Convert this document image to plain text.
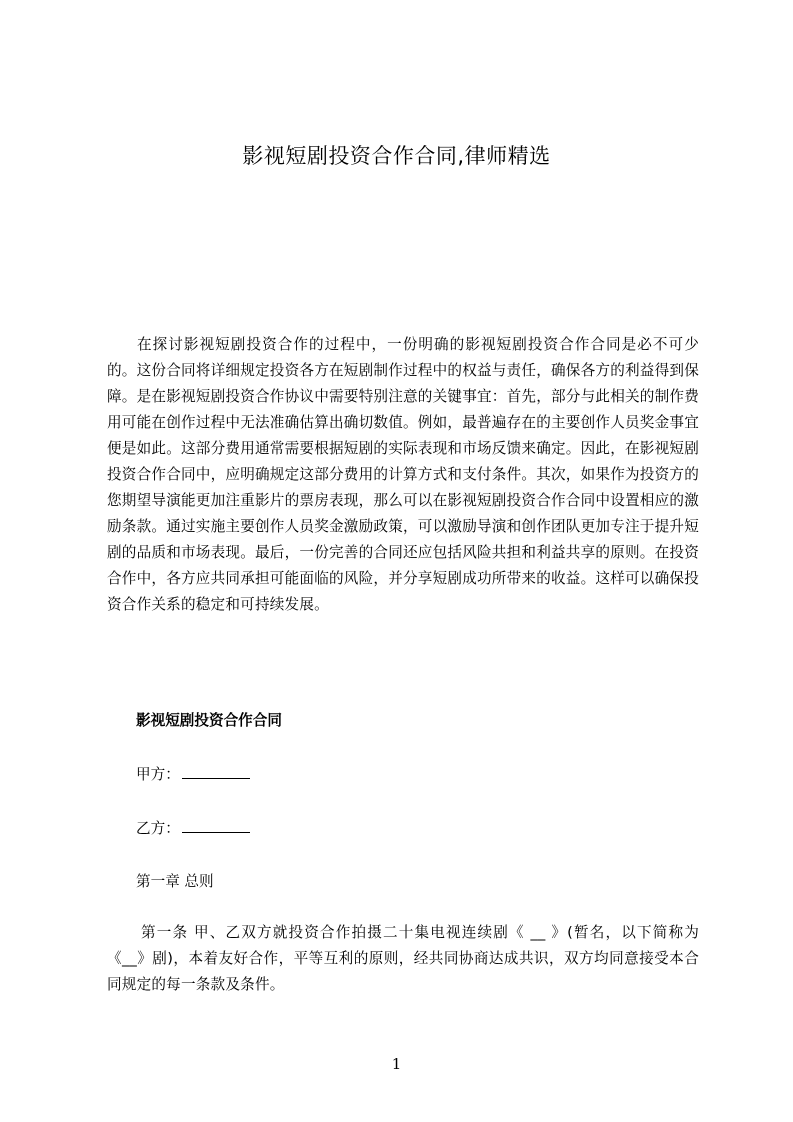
影视短剧投资合作合同,律师精选
在探讨影视短剧投资合作的过程中，一份明确的影视短剧投资合作合同是必不可少的。这份合同将详细规定投资各方在短剧制作过程中的权益与责任，确保各方的利益得到保障。是在影视短剧投资合作协议中需要特别注意的关键事宜：首先，部分与此相关的制作费用可能在创作过程中无法准确估算出确切数值。例如，最普遍存在的主要创作人员奖金事宜便是如此。这部分费用通常需要根据短剧的实际表现和市场反馈来确定。因此，在影视短剧投资合作合同中，应明确规定这部分费用的计算方式和支付条件。其次，如果作为投资方的您期望导演能更加注重影片的票房表现，那么可以在影视短剧投资合作合同中设置相应的激励条款。通过实施主要创作人员奖金激励政策，可以激励导演和创作团队更加专注于提升短剧的品质和市场表现。最后，一份完善的合同还应包括风险共担和利益共享的原则。在投资合作中，各方应共同承担可能面临的风险，并分享短剧成功所带来的收益。这样可以确保投资合作关系的稳定和可持续发展。
影视短剧投资合作合同
甲方：
乙方：
第一章 总则
第一条 甲、乙双方就投资合作拍摄二十集电视连续剧《 __ 》(暂名，以下简称为《__》剧)，本着友好合作，平等互利的原则，经共同协商达成共识，双方均同意接受本合同规定的每一条款及条件。
1
